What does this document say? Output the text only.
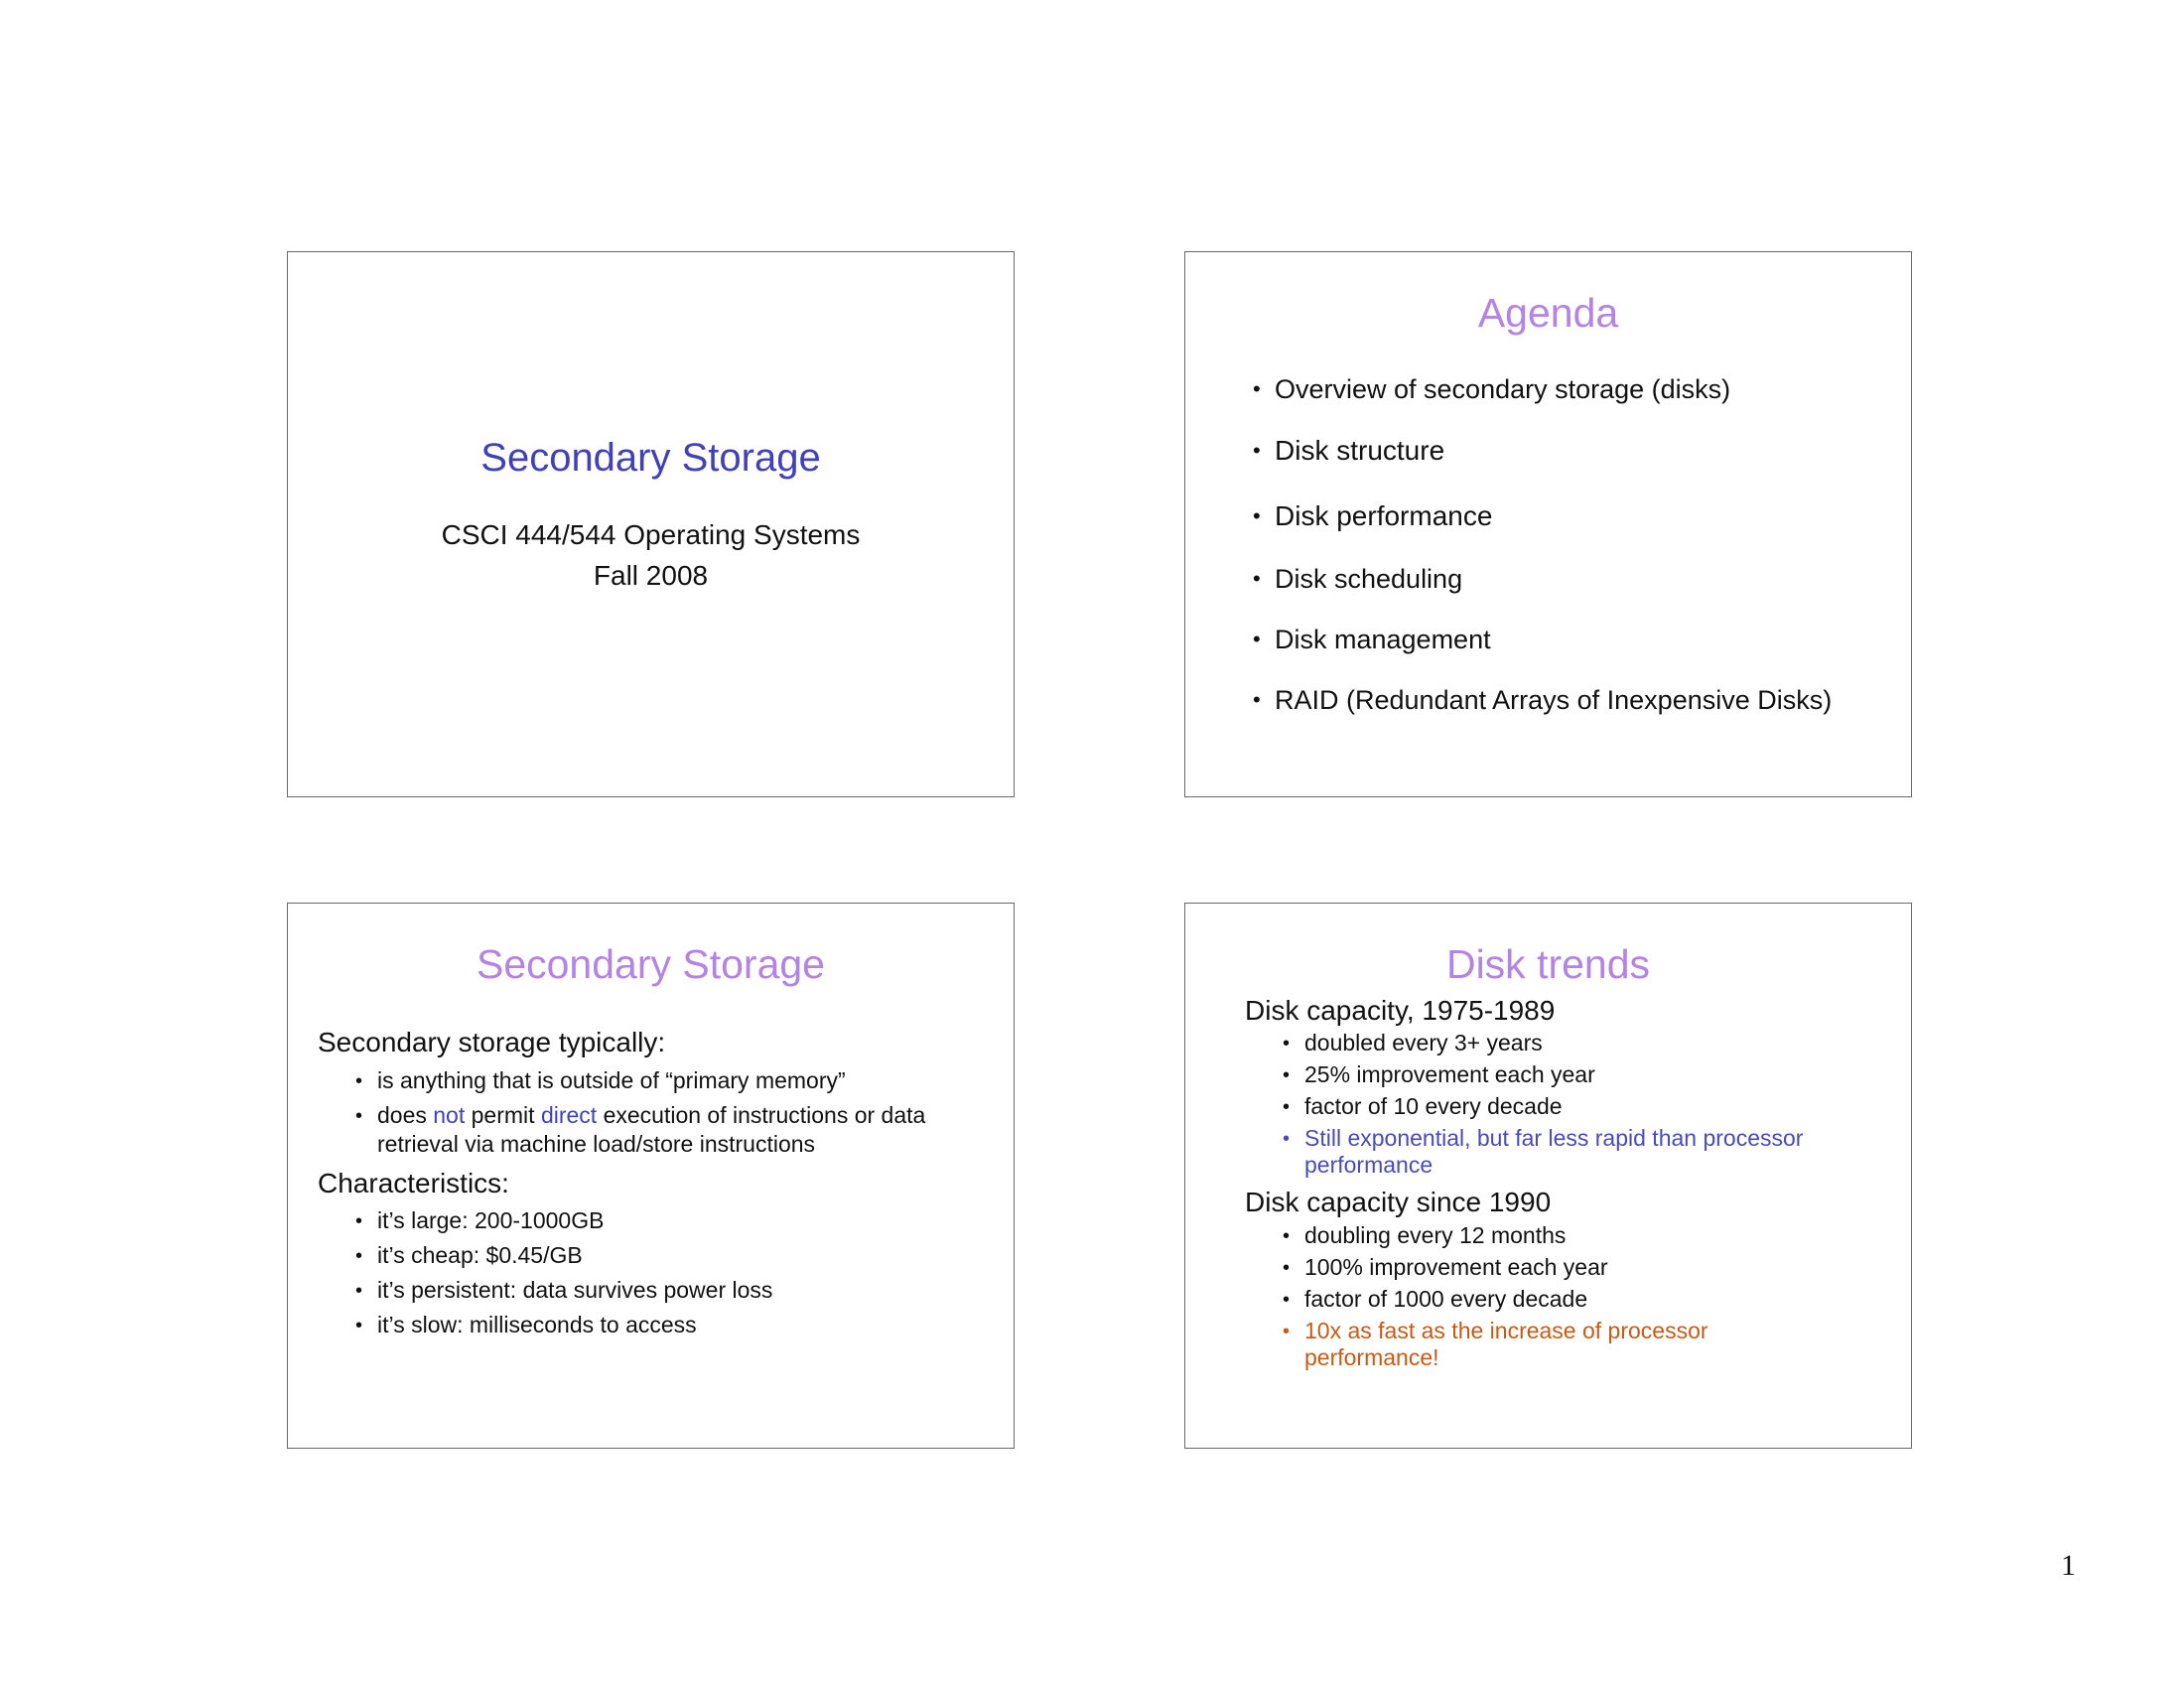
Secondary Storage
CSCI 444/544 Operating Systems
Fall 2008
Agenda
• Overview of secondary storage (disks)
• Disk structure
• Disk performance
• Disk scheduling
• Disk management
• RAID (Redundant Arrays of Inexpensive Disks)
Secondary Storage
Secondary storage typically:
• is anything that is outside of “primary memory”
• does not permit direct execution of instructions or data
retrieval via machine load/store instructions
Characteristics:
• it’s large: 200-1000GB
• it’s cheap: $0.45/GB
• it’s persistent: data survives power loss
• it’s slow: milliseconds to access
Disk trends
Disk capacity, 1975-1989
• doubled every 3+ years
• 25% improvement each year
• factor of 10 every decade
• Still exponential, but far less rapid than processor
performance
Disk capacity since 1990
• doubling every 12 months
• 100% improvement each year
• factor of 1000 every decade
• 10x as fast as the increase of processor
performance!
1
